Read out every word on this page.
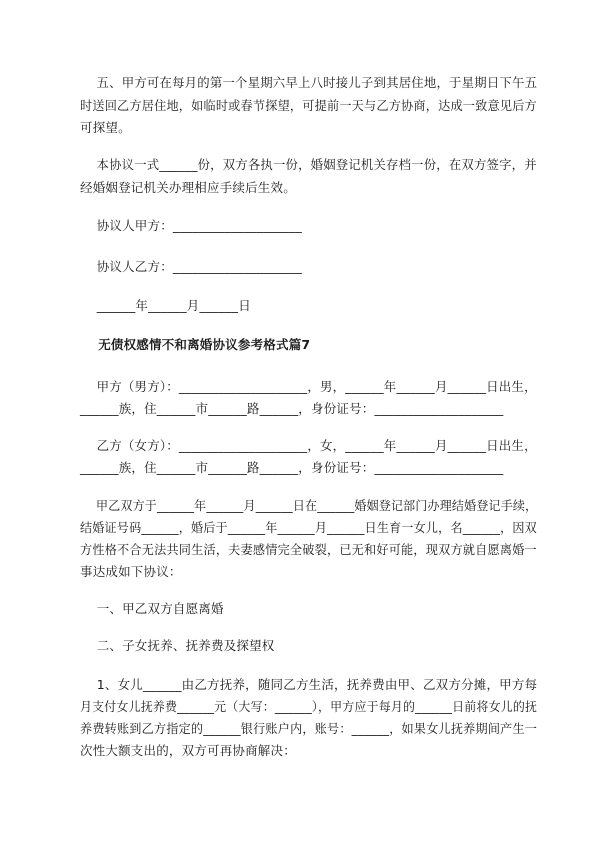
五、甲方可在每月的第一个星期六早上八时接儿子到其居住地，于星期日下午五
时送回乙方居住地，如临时或春节探望，可提前一天与乙方协商，达成一致意见后方
可探望。
本协议一式______份，双方各执一份，婚姻登记机关存档一份，在双方签字，并
经婚姻登记机关办理相应手续后生效。
协议人甲方：____________________
协议人乙方：____________________
______年______月______日
无债权感情不和离婚协议参考格式篇7
甲方（男方）：____________________，男，______年______月______日出生，
______族，住______市______路______，身份证号：____________________
乙方（女方）：____________________，女，______年______月______日出生，
______族，住______市______路______，身份证号：____________________
甲乙双方于______年______月______日在______婚姻登记部门办理结婚登记手续，
结婚证号码______，婚后于______年______月______日生育一女儿，名______，因双
方性格不合无法共同生活，夫妻感情完全破裂，已无和好可能，现双方就自愿离婚一
事达成如下协议：
一、甲乙双方自愿离婚
二、子女抚养、抚养费及探望权
1、女儿______由乙方抚养，随同乙方生活，抚养费由甲、乙双方分摊，甲方每
月支付女儿抚养费______元（大写：______），甲方应于每月的______日前将女儿的抚
养费转账到乙方指定的______银行账户内，账号：______，如果女儿抚养期间产生一
次性大额支出的，双方可再协商解决：
